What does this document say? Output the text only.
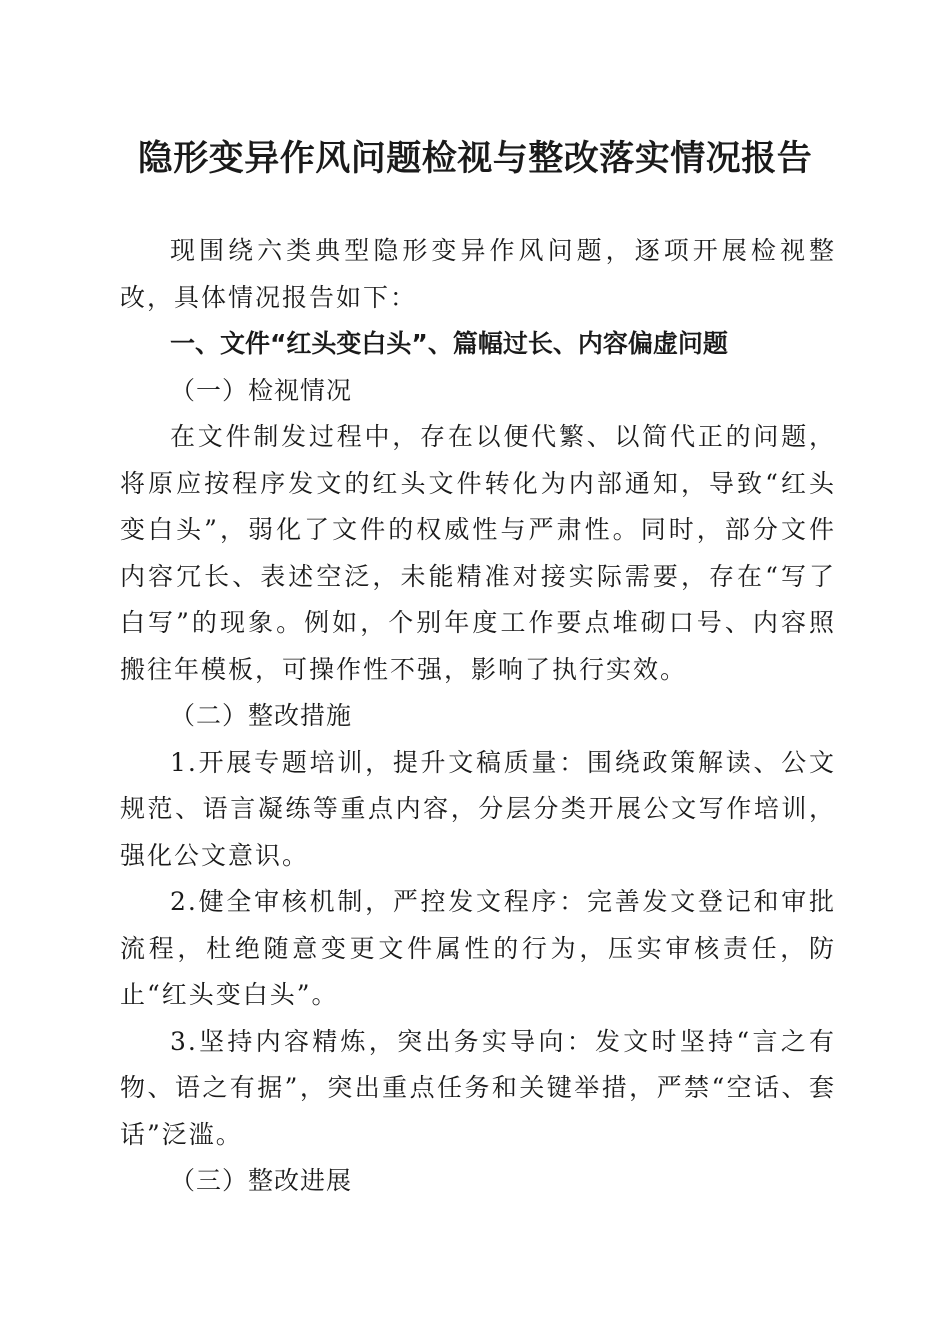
隐形变异作风问题检视与整改落实情况报告

现围绕六类典型隐形变异作风问题，逐项开展检视整改，具体情况报告如下：

一、文件“红头变白头”、篇幅过长、内容偏虚问题

（一）检视情况

在文件制发过程中，存在以便代繁、以简代正的问题，将原应按程序发文的红头文件转化为内部通知，导致“红头变白头”，弱化了文件的权威性与严肃性。同时，部分文件内容冗长、表述空泛，未能精准对接实际需要，存在“写了白写”的现象。例如，个别年度工作要点堆砌口号、内容照搬往年模板，可操作性不强，影响了执行实效。

（二）整改措施

1.开展专题培训，提升文稿质量：围绕政策解读、公文规范、语言凝练等重点内容，分层分类开展公文写作培训，强化公文意识。

2.健全审核机制，严控发文程序：完善发文登记和审批流程，杜绝随意变更文件属性的行为，压实审核责任，防止“红头变白头”。

3.坚持内容精炼，突出务实导向：发文时坚持“言之有物、语之有据”，突出重点任务和关键举措，严禁“空话、套话”泛滥。

（三）整改进展
